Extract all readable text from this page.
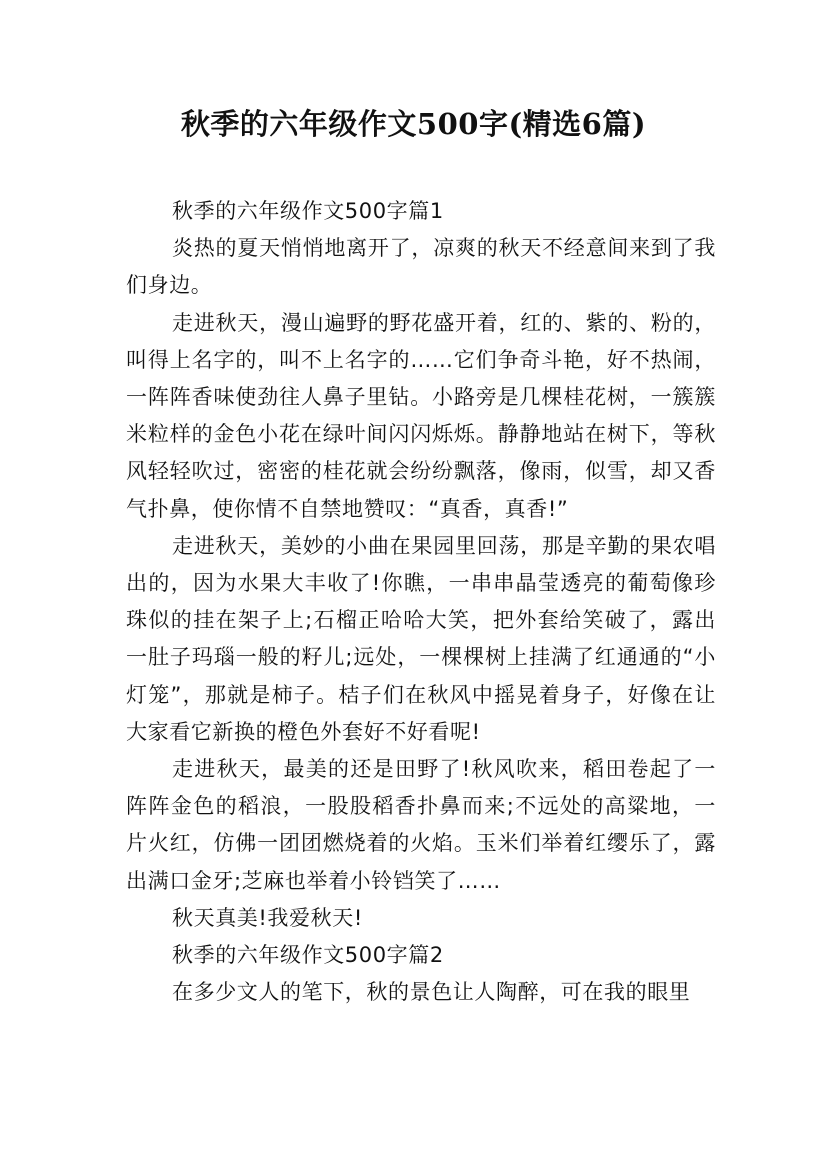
秋季的六年级作文500字(精选6篇)

秋季的六年级作文500字篇1

炎热的夏天悄悄地离开了，凉爽的秋天不经意间来到了我们身边。

走进秋天，漫山遍野的野花盛开着，红的、紫的、粉的，叫得上名字的，叫不上名字的……它们争奇斗艳，好不热闹，一阵阵香味使劲往人鼻子里钻。小路旁是几棵桂花树，一簇簇米粒样的金色小花在绿叶间闪闪烁烁。静静地站在树下，等秋风轻轻吹过，密密的桂花就会纷纷飘落，像雨，似雪，却又香气扑鼻，使你情不自禁地赞叹：“真香，真香!”

走进秋天，美妙的小曲在果园里回荡，那是辛勤的果农唱出的，因为水果大丰收了!你瞧，一串串晶莹透亮的葡萄像珍珠似的挂在架子上;石榴正哈哈大笑，把外套给笑破了，露出一肚子玛瑙一般的籽儿;远处，一棵棵树上挂满了红通通的“小灯笼”，那就是柿子。桔子们在秋风中摇晃着身子，好像在让大家看它新换的橙色外套好不好看呢!

走进秋天，最美的还是田野了!秋风吹来，稻田卷起了一阵阵金色的稻浪，一股股稻香扑鼻而来;不远处的高粱地，一片火红，仿佛一团团燃烧着的火焰。玉米们举着红缨乐了，露出满口金牙;芝麻也举着小铃铛笑了……

秋天真美!我爱秋天!

秋季的六年级作文500字篇2

在多少文人的笔下，秋的景色让人陶醉，可在我的眼里
